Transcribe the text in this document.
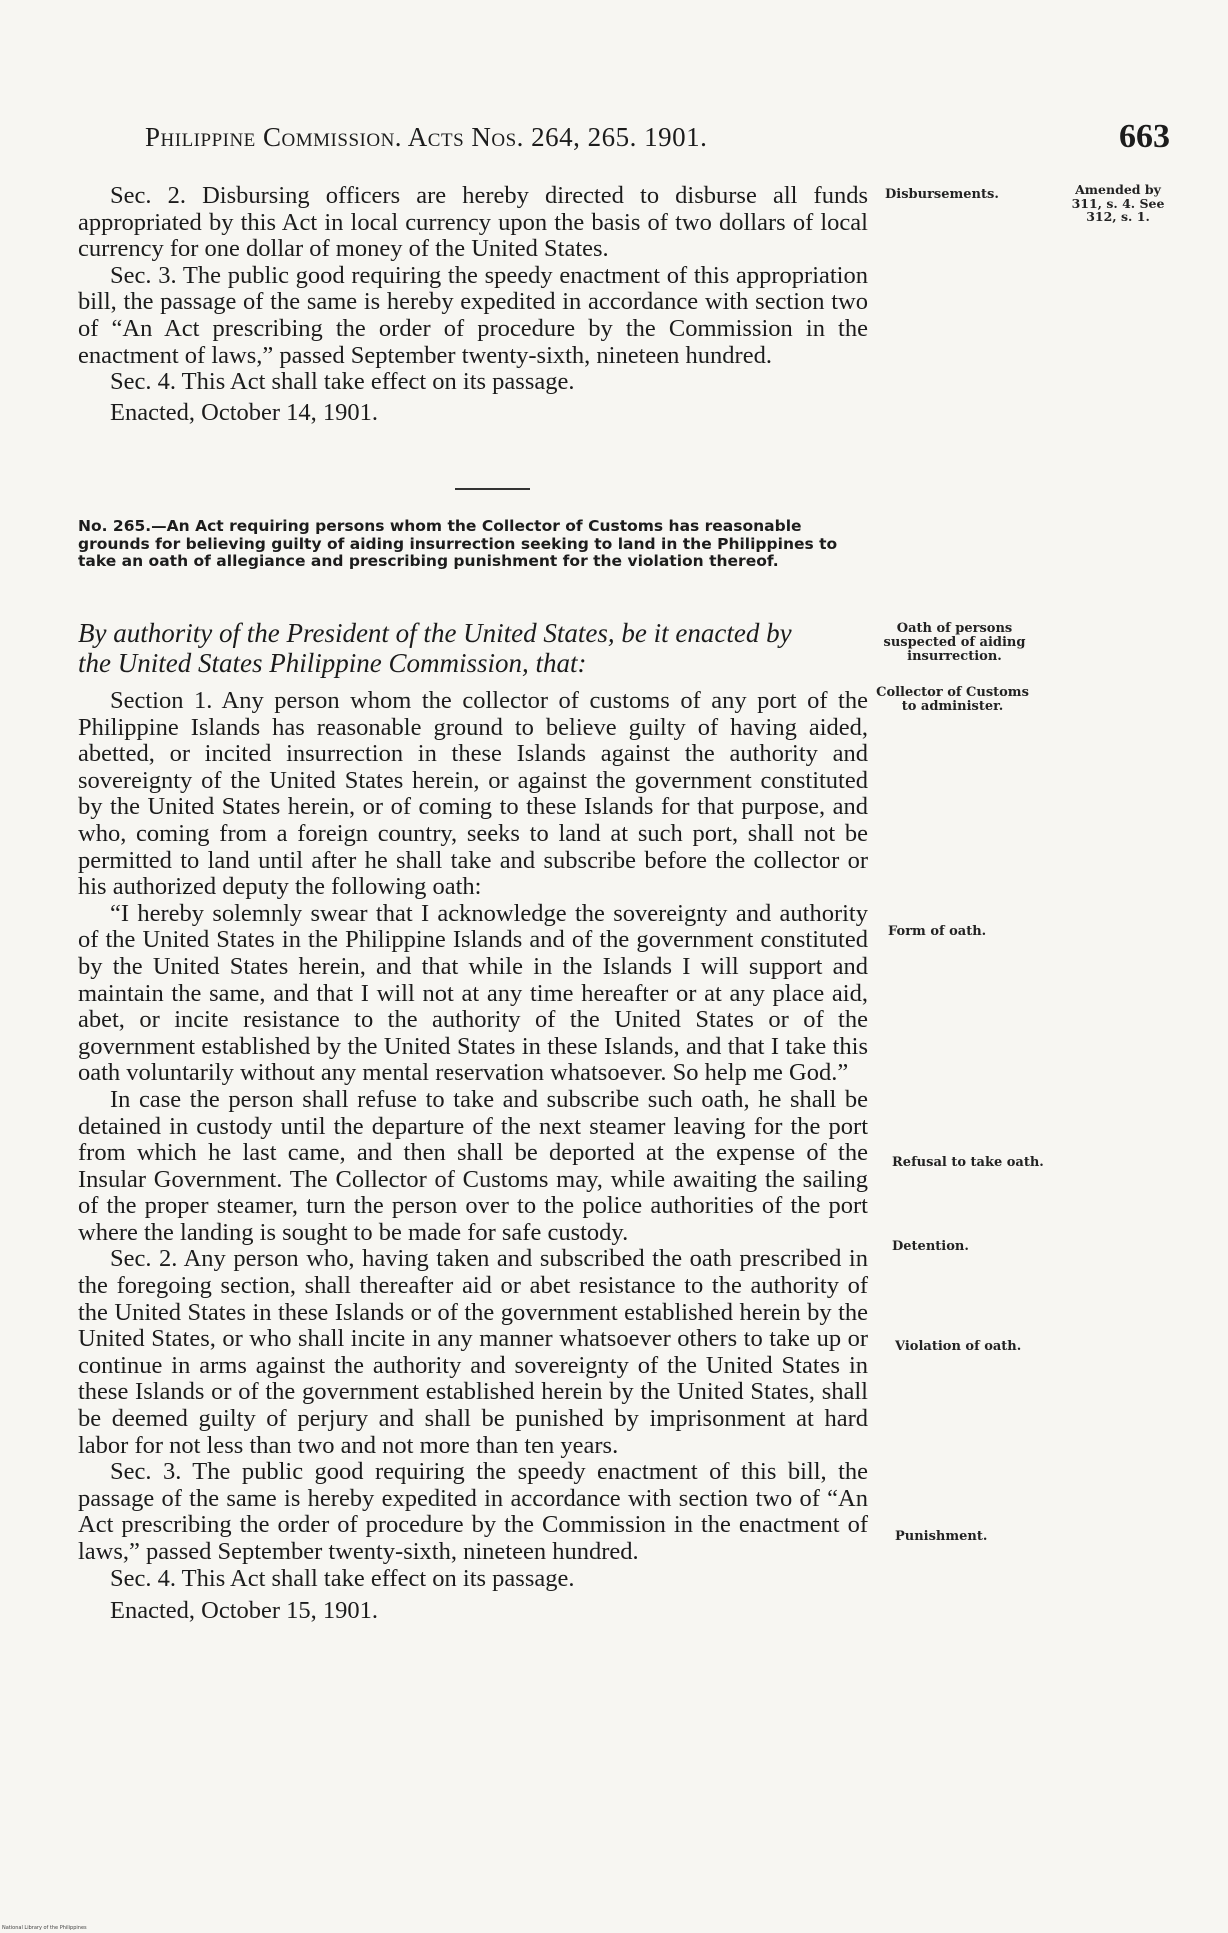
Philippine Commission. Acts Nos. 264, 265. 1901.	663

Sec. 2. Disbursing officers are hereby directed to disburse all funds appropriated by this Act in local currency upon the basis of two dollars of local currency for one dollar of money of the United States.

Sec. 3. The public good requiring the speedy enactment of this appropriation bill, the passage of the same is hereby expedited in accordance with section two of “An Act prescribing the order of procedure by the Commission in the enactment of laws,” passed September twenty-sixth, nineteen hundred.

Sec. 4. This Act shall take effect on its passage.

Enacted, October 14, 1901.

No. 265.—An Act requiring persons whom the Collector of Customs has reasonable grounds for believing guilty of aiding insurrection seeking to land in the Philippines to take an oath of allegiance and prescribing punishment for the violation thereof.

By authority of the President of the United States, be it enacted by

the United States Philippine Commission, that:

Section 1. Any person whom the collector of customs of any port of the Philippine Islands has reasonable ground to believe guilty of having aided, abetted, or incited insurrection in these Islands against the authority and sovereignty of the United States herein, or against the government constituted by the United States herein, or of coming to these Islands for that purpose, and who, coming from a foreign country, seeks to land at such port, shall not be permitted to land until after he shall take and subscribe before the collector or his authorized deputy the following oath:

“I hereby solemnly swear that I acknowledge the sovereignty and authority of the United States in the Philippine Islands and of the government constituted by the United States herein, and that while in the Islands I will support and maintain the same, and that I will not at any time hereafter or at any place aid, abet, or incite resistance to the authority of the United States or of the government established by the United States in these Islands, and that I take this oath voluntarily without any mental reservation whatsoever. So help me God.”

In case the person shall refuse to take and subscribe such oath, he shall be detained in custody until the departure of the next steamer leaving for the port from which he last came, and then shall be deported at the expense of the Insular Government. The Collector of Customs may, while awaiting the sailing of the proper steamer, turn the person over to the police authorities of the port where the landing is sought to be made for safe custody.

Sec. 2. Any person who, having taken and subscribed the oath prescribed in the foregoing section, shall thereafter aid or abet resistance to the authority of the United States in these Islands or of the government established herein by the United States, or who shall incite in any manner whatsoever others to take up or continue in arms against the authority and sovereignty of the United States in these Islands or of the government established herein by the United States, shall be deemed guilty of perjury and shall be punished by imprisonment at hard labor for not less than two and not more than ten years.

Sec. 3. The public good requiring the speedy enactment of this bill, the passage of the same is hereby expedited in accordance with section two of “An Act prescribing the order of procedure by the Commission in the enactment of laws,” passed September twenty-sixth, nineteen hundred.

Sec. 4. This Act shall take effect on its passage.

Enacted, October 15, 1901.

Disbursements.	Amended by 311, s. 4. See 312, s. 1.
Oath of persons suspected of aiding insurrection.
Collector of Customs to administer.
Form of oath.
Refusal to take oath.
Detention.
Violation of oath.
Punishment.
National Library of the Philippines
